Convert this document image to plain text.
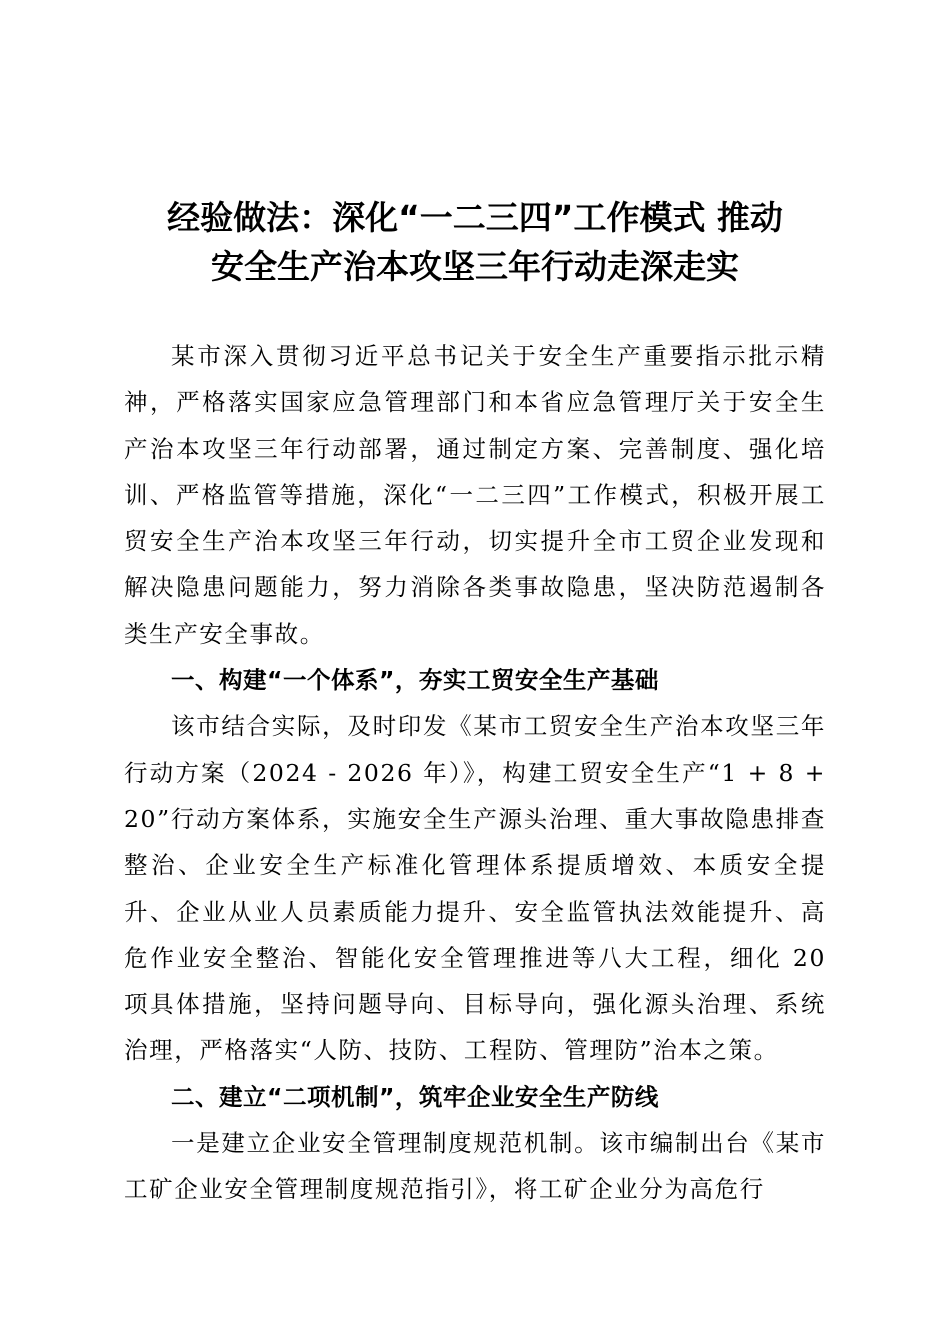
经验做法：深化“一二三四”工作模式 推动
安全生产治本攻坚三年行动走深走实

某市深入贯彻习近平总书记关于安全生产重要指示批示精神，严格落实国家应急管理部门和本省应急管理厅关于安全生产治本攻坚三年行动部署，通过制定方案、完善制度、强化培训、严格监管等措施，深化“一二三四”工作模式，积极开展工贸安全生产治本攻坚三年行动，切实提升全市工贸企业发现和解决隐患问题能力，努力消除各类事故隐患，坚决防范遏制各类生产安全事故。

一、构建“一个体系”，夯实工贸安全生产基础

该市结合实际，及时印发《某市工贸安全生产治本攻坚三年行动方案（2024 - 2026 年）》，构建工贸安全生产“1 + 8 + 20”行动方案体系，实施安全生产源头治理、重大事故隐患排查整治、企业安全生产标准化管理体系提质增效、本质安全提升、企业从业人员素质能力提升、安全监管执法效能提升、高危作业安全整治、智能化安全管理推进等八大工程，细化 20 项具体措施，坚持问题导向、目标导向，强化源头治理、系统治理，严格落实“人防、技防、工程防、管理防”治本之策。

二、建立“二项机制”，筑牢企业安全生产防线

一是建立企业安全管理制度规范机制。该市编制出台《某市工矿企业安全管理制度规范指引》，将工矿企业分为高危行
